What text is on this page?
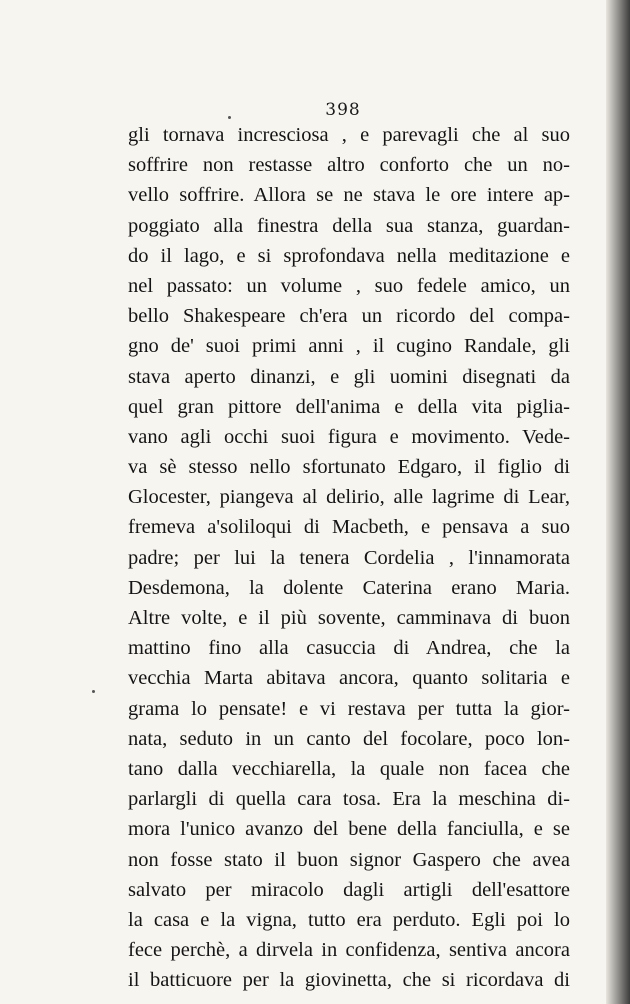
398
gli tornava incresciosa , e parevagli che al suo
soffrire non restasse altro conforto che un no-
vello soffrire. Allora se ne stava le ore intere ap-
poggiato alla finestra della sua stanza, guardan-
do il lago, e si sprofondava nella meditazione e
nel passato: un volume , suo fedele amico, un
bello Shakespeare ch'era un ricordo del compa-
gno de' suoi primi anni , il cugino Randale, gli
stava aperto dinanzi, e gli uomini disegnati da
quel gran pittore dell'anima e della vita piglia-
vano agli occhi suoi figura e movimento. Vede-
va sè stesso nello sfortunato Edgaro, il figlio di
Glocester, piangeva al delirio, alle lagrime di Lear,
fremeva a'soliloqui di Macbeth, e pensava a suo
padre; per lui la tenera Cordelia , l'innamorata
Desdemona, la dolente Caterina erano Maria.
Altre volte, e il più sovente, camminava di buon
mattino fino alla casuccia di Andrea, che la
vecchia Marta abitava ancora, quanto solitaria e
grama lo pensate! e vi restava per tutta la gior-
nata, seduto in un canto del focolare, poco lon-
tano dalla vecchiarella, la quale non facea che
parlargli di quella cara tosa. Era la meschina di-
mora l'unico avanzo del bene della fanciulla, e se
non fosse stato il buon signor Gaspero che avea
salvato per miracolo dagli artigli dell'esattore
la casa e la vigna, tutto era perduto. Egli poi lo
fece perchè, a dirvela in confidenza, sentiva ancora
il batticuore per la giovinetta, che si ricordava di
